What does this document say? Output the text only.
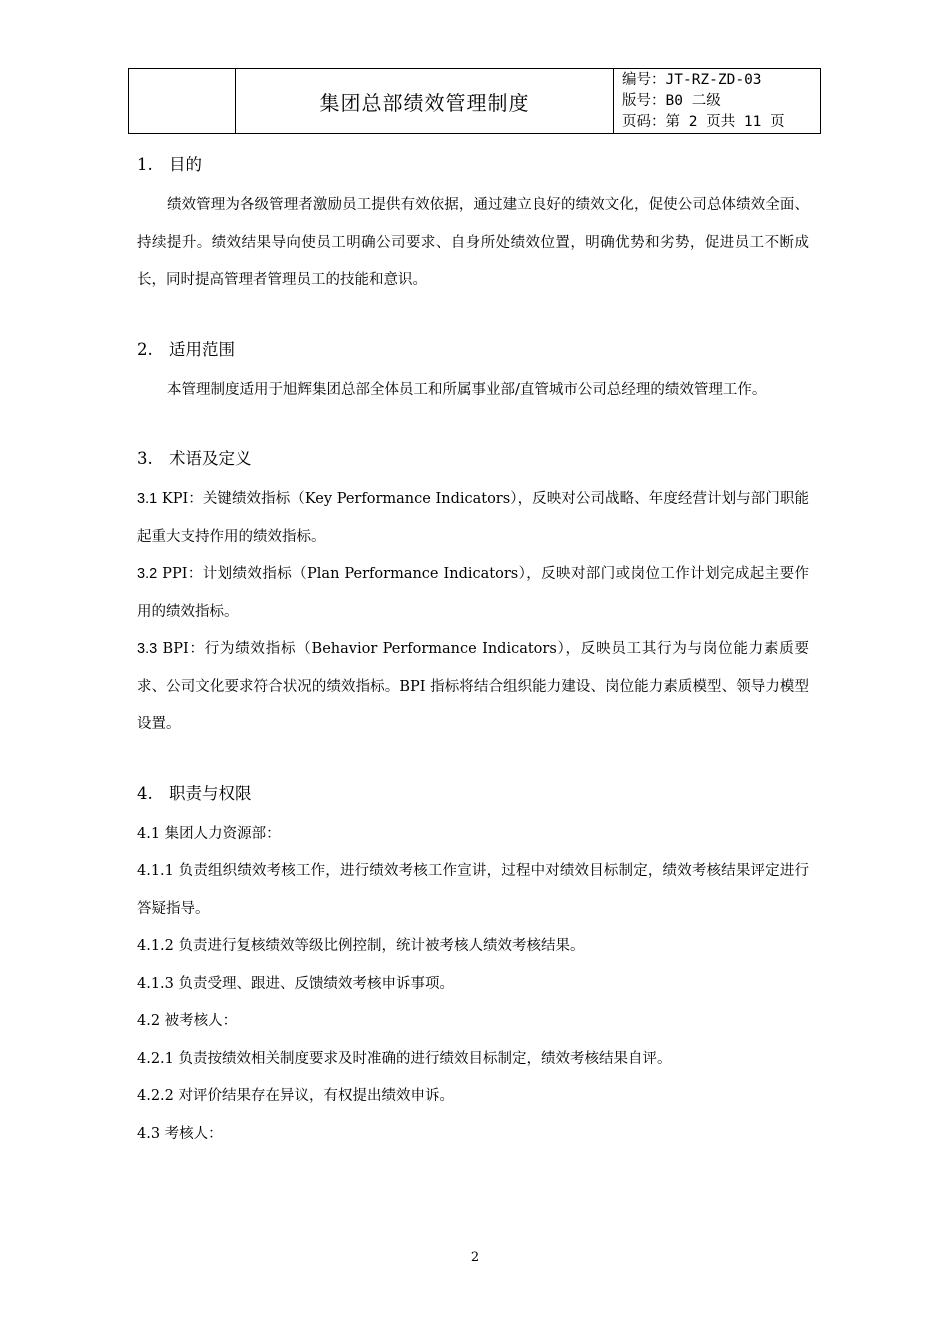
集团总部绩效管理制度
编号：JT-RZ-ZD-03
版号：B0 二级
页码：第 2 页共 11 页
1. 目的
绩效管理为各级管理者激励员工提供有效依据，通过建立良好的绩效文化，促使公司总体绩效全面、持续提升。绩效结果导向使员工明确公司要求、自身所处绩效位置，明确优势和劣势，促进员工不断成长，同时提高管理者管理员工的技能和意识。
2. 适用范围
本管理制度适用于旭辉集团总部全体员工和所属事业部/直管城市公司总经理的绩效管理工作。
3. 术语及定义
3.1 KPI：关键绩效指标（Key Performance Indicators），反映对公司战略、年度经营计划与部门职能起重大支持作用的绩效指标。
3.2 PPI：计划绩效指标（Plan Performance Indicators），反映对部门或岗位工作计划完成起主要作用的绩效指标。
3.3 BPI：行为绩效指标（Behavior Performance Indicators），反映员工其行为与岗位能力素质要求、公司文化要求符合状况的绩效指标。BPI 指标将结合组织能力建设、岗位能力素质模型、领导力模型设置。
4. 职责与权限
4.1 集团人力资源部：
4.1.1 负责组织绩效考核工作，进行绩效考核工作宣讲，过程中对绩效目标制定，绩效考核结果评定进行答疑指导。
4.1.2 负责进行复核绩效等级比例控制，统计被考核人绩效考核结果。
4.1.3 负责受理、跟进、反馈绩效考核申诉事项。
4.2 被考核人：
4.2.1 负责按绩效相关制度要求及时准确的进行绩效目标制定，绩效考核结果自评。
4.2.2 对评价结果存在异议，有权提出绩效申诉。
4.3 考核人：
2
